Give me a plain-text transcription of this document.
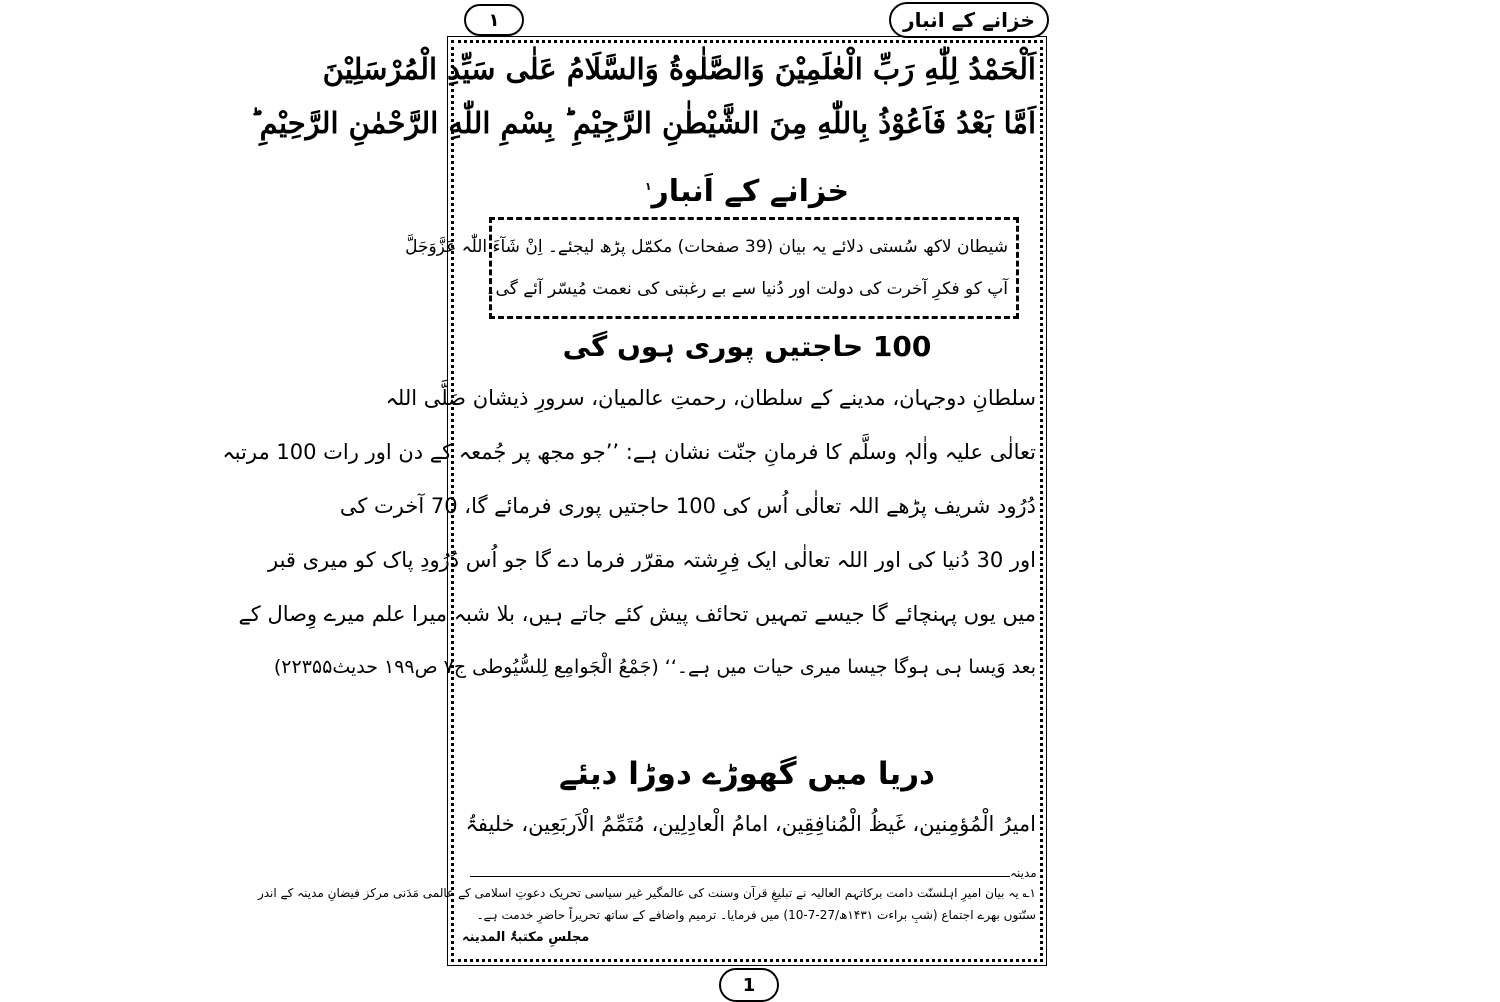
خزانے کے انبار
۱
اَلْحَمْدُ لِلّٰهِ رَبِّ الْعٰلَمِیْنَ وَالصَّلٰوةُ وَالسَّلَامُ عَلٰی سَیِّدِ الْمُرْسَلِیْنَ
اَمَّا بَعْدُ فَاَعُوْذُ بِاللّٰهِ مِنَ الشَّیْطٰنِ الرَّجِیْمِ ؕ بِسْمِ اللّٰهِ الرَّحْمٰنِ الرَّحِیْمِ ؕ
خزانے کے اَنبار$^۱$
شیطان لاکھ سُستی دلائے یہ بیان (39 صفحات) مکمّل پڑھ لیجئے۔ اِنْ شَآءَ اللّٰہ عَزَّوَجَلَّ
آپ کو فکرِ آخرت کی دولت اور دُنیا سے بے رغبتی کی نعمت مُیسّر آئے گی۔
100 حاجتیں پوری ہوں گی
سلطانِ دوجہان، مدینے کے سلطان، رحمتِ عالمیان، سرورِ ذیشان صَلَّی اللہ
تعالٰی علیہ واٰلہٖ وسلَّم کا فرمانِ جنّت نشان ہے: ’’جو مجھ پر جُمعہ کے دن اور رات 100 مرتبہ
دُرُود شریف پڑھے اللہ تعالٰی اُس کی 100 حاجتیں پوری فرمائے گا، 70 آخرت کی
اور 30 دُنیا کی اور اللہ تعالٰی ایک فِرِشتہ مقرّر فرما دے گا جو اُس دُرُودِ پاک کو میری قبر
میں یوں پہنچائے گا جیسے تمہیں تحائف پیش کئے جاتے ہیں، بلا شبہ میرا علم میرے وِصال کے
بعد وَیسا ہی ہوگا جیسا میری حیات میں ہے۔‘‘ (جَمْعُ الْجَوامِع لِلسُّیُوطی ج۷ ص۱۹۹ حدیث۲۲۳۵۵)
دریا میں گھوڑے دوڑا دیئے
امیرُ الْمُؤمِنین، غَیظُ الْمُنافِقِین، امامُ الْعادِلِین، مُتَمِّمُ الْاَربَعِین، خلیفۃُ
مدینہ
۱؎ یہ بیان امیرِ اہلسنّت دامت برکاتہم العالیہ نے تبلیغِ قرآن وسنت کی عالمگیر غیر سیاسی تحریک دعوتِ اسلامی کے عالمی مَدَنی مرکز فیضانِ مدینہ کے اندر
سنّتوں بھرے اجتماع (شبِ براءت ۱۴۳۱ھ/27-7-10) میں فرمایا۔ ترمیم واضافے کے ساتھ تحریراً حاضرِ خدمت ہے۔
مجلسِ مکتبۃُ المدینہ
1
